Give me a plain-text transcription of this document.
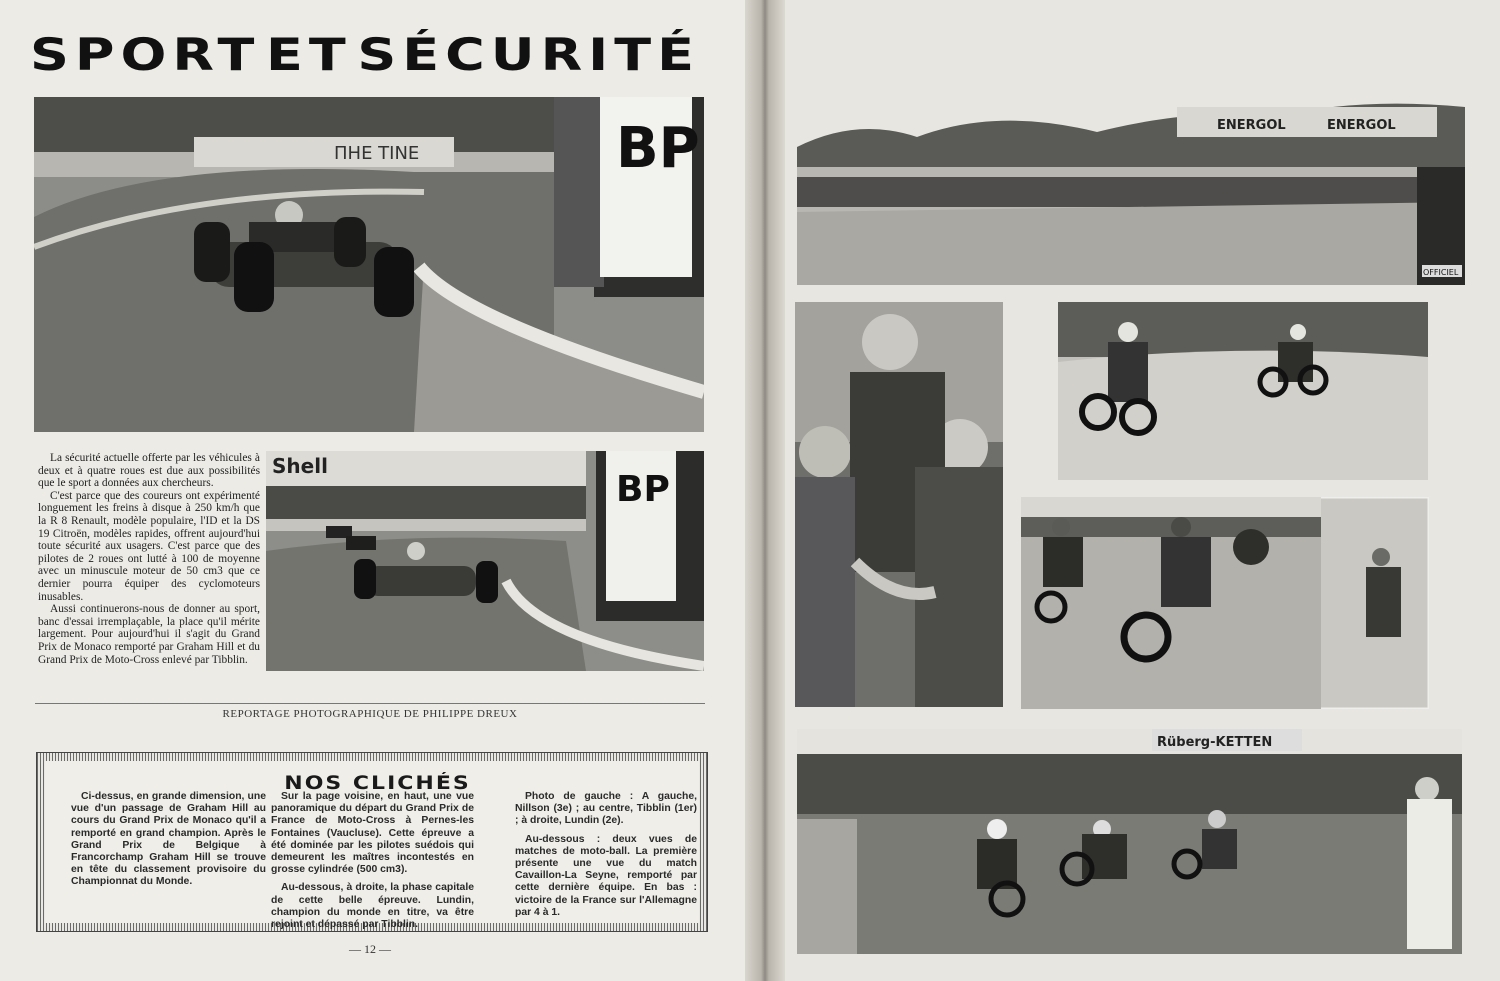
SPORT ET SÉCURITÉ
ПНЕ TINE	BP

La sécurité actuelle offerte par les véhicules à deux et à quatre roues est due aux possibilités que le sport a données aux chercheurs.

C'est parce que des coureurs ont expérimenté longuement les freins à disque à 250 km/h que la R 8 Renault, modèle populaire, l'ID et la DS 19 Citroën, modèles rapides, offrent aujourd'hui toute sécurité aux usagers. C'est parce que des pilotes de 2 roues ont lutté à 100 de moyenne avec un minuscule moteur de 50 cm3 que ce dernier pourra équiper des cyclomoteurs inusables.

Aussi continuerons-nous de donner au sport, banc d'essai irremplaçable, la place qu'il mérite largement. Pour aujourd'hui il s'agit du Grand Prix de Monaco remporté par Graham Hill et du Grand Prix de Moto-Cross enlevé par Tibblin.

Shell
BP
REPORTAGE PHOTOGRAPHIQUE DE PHILIPPE DREUX
NOS CLICHÉS

Ci-dessus, en grande dimension, une vue d'un passage de Graham Hill au cours du Grand Prix de Monaco qu'il a remporté en grand champion. Après le Grand Prix de Belgique à Francorchamp Graham Hill se trouve en tête du classement provisoire du Championnat du Monde.

Sur la page voisine, en haut, une vue panoramique du départ du Grand Prix de France de Moto-Cross à Pernes-les Fontaines (Vaucluse). Cette épreuve a été dominée par les pilotes suédois qui demeurent les maîtres incontestés en grosse cylindrée (500 cm3).

Au-dessous, à droite, la phase capitale de cette belle épreuve. Lundin, champion du monde en titre, va être rejoint et dépassé par Tibblin.

Photo de gauche : A gauche, Nillson (3e) ; au centre, Tibblin (1er) ; à droite, Lundin (2e).

Au-dessous : deux vues de matches de moto-ball. La première présente une vue du match Cavaillon-La Seyne, remporté par cette dernière équipe. En bas : victoire de la France sur l'Allemagne par 4 à 1.

— 12 —
ENERGOL	ENERGOL
OFFICIEL
Rüberg-KETTEN
